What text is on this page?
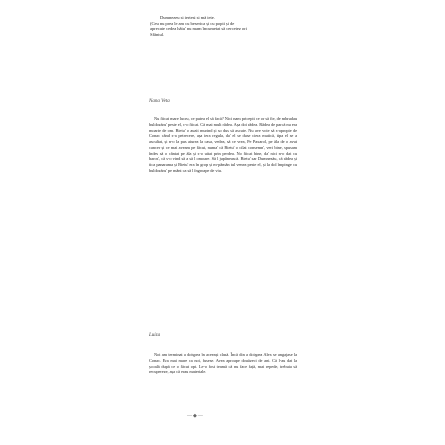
Dumnezeu si iertesi si mă iete.

(Ceu nu prea le am cu beserica și cu popii și de

aprecate cedea hâtu' nu mam încumetat să cercetez ori

Sfântul.

Nana Veta

Nu fiicat mare lucru, ce putea el să facă? Nici nam pricepit ce or să fie, de mbrudau buldozăru' peste el, c-o fiicat. Că mai mult râdea. Așa doi râdea. Râdea de parcă nu era moarte de om. Bietu' o auzit murind și so dus să ascute. Nu ave voie să s-apropie de Conac când s-a petrecere, așa iera regula, da' el se duse ciera mutică, tipa el se a ascultat, și n-o la pus aiurea la casa, vedea, să ce vrea, Pe Paxarol, pe ăla de o avut cancer și ce mai aveam pe făcut, numa' că Bietu' o cilat consemn', veri bine, spusam îndes să o cântat pe ăla și s-o uitat prin perdea. No fiicat bine, da' nici n-o dat cu baros', că s-o vind să a să l omoare. Să l jupânească. Bietu' sar Dumnezău, că râdea și tica panarama și Bietu' era în grop și m-pâmân tul venea peste el, și la dol împinge cu buldozăru' pe mânt ca să l îngroape de viu.

Luiza

Noi am terminat a doișpea în aceeași clasă. Încă din a doișpea Alex se angajase la Conac. Era mai mare ca noi, fusese. Avea aproape douăzeci de ani. Că l-au dat la școală după ce o făcut opt. Le-o fost teamă că nu face față, mai repede, trebuia să recupereze, așa că erau materiale.

—◆—
